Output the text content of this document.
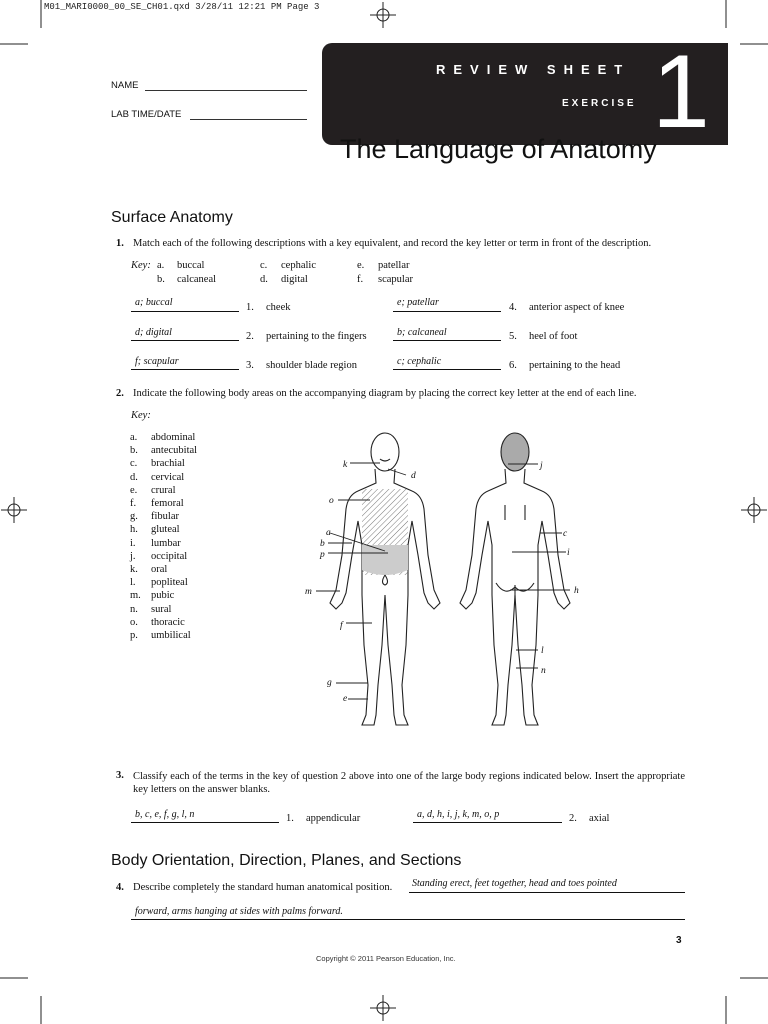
M01_MARI0000_00_SE_CH01.qxd 3/28/11 12:21 PM Page 3
REVIEW SHEET
EXERCISE 1
NAME
LAB TIME/DATE
The Language of Anatomy
Surface Anatomy
1. Match each of the following descriptions with a key equivalent, and record the key letter or term in front of the description.
Key: a. buccal
b. calcaneal
c. cephalic
d. digital
e. patellar
f. scapular
a; buccal	1. cheek
d; digital	2. pertaining to the fingers
f; scapular	3. shoulder blade region
e; patellar	4. anterior aspect of knee
b; calcaneal	5. heel of foot
c; cephalic	6. pertaining to the head
2. Indicate the following body areas on the accompanying diagram by placing the correct key letter at the end of each line.
Key:
a. abdominal
b. antecubital
c. brachial
d. cervical
e. crural
f. femoral
g. fibular
h. gluteal
i. lumbar
j. occipital
k. oral
l. popliteal
m. pubic
n. sural
o. thoracic
p. umbilical
k
d
o
a
b
p
m
f
g
e
j
c
i
h
l
n
3. Classify each of the terms in the key of question 2 above into one of the large body regions indicated below. Insert the appropriate key letters on the answer blanks.
b, c, e, f, g, l, n	1. appendicular	a, d, h, i, j, k, m, o, p	2. axial
Body Orientation, Direction, Planes, and Sections
4. Describe completely the standard human anatomical position. Standing erect, feet together, head and toes pointed
forward, arms hanging at sides with palms forward.
3
Copyright © 2011 Pearson Education, Inc.
